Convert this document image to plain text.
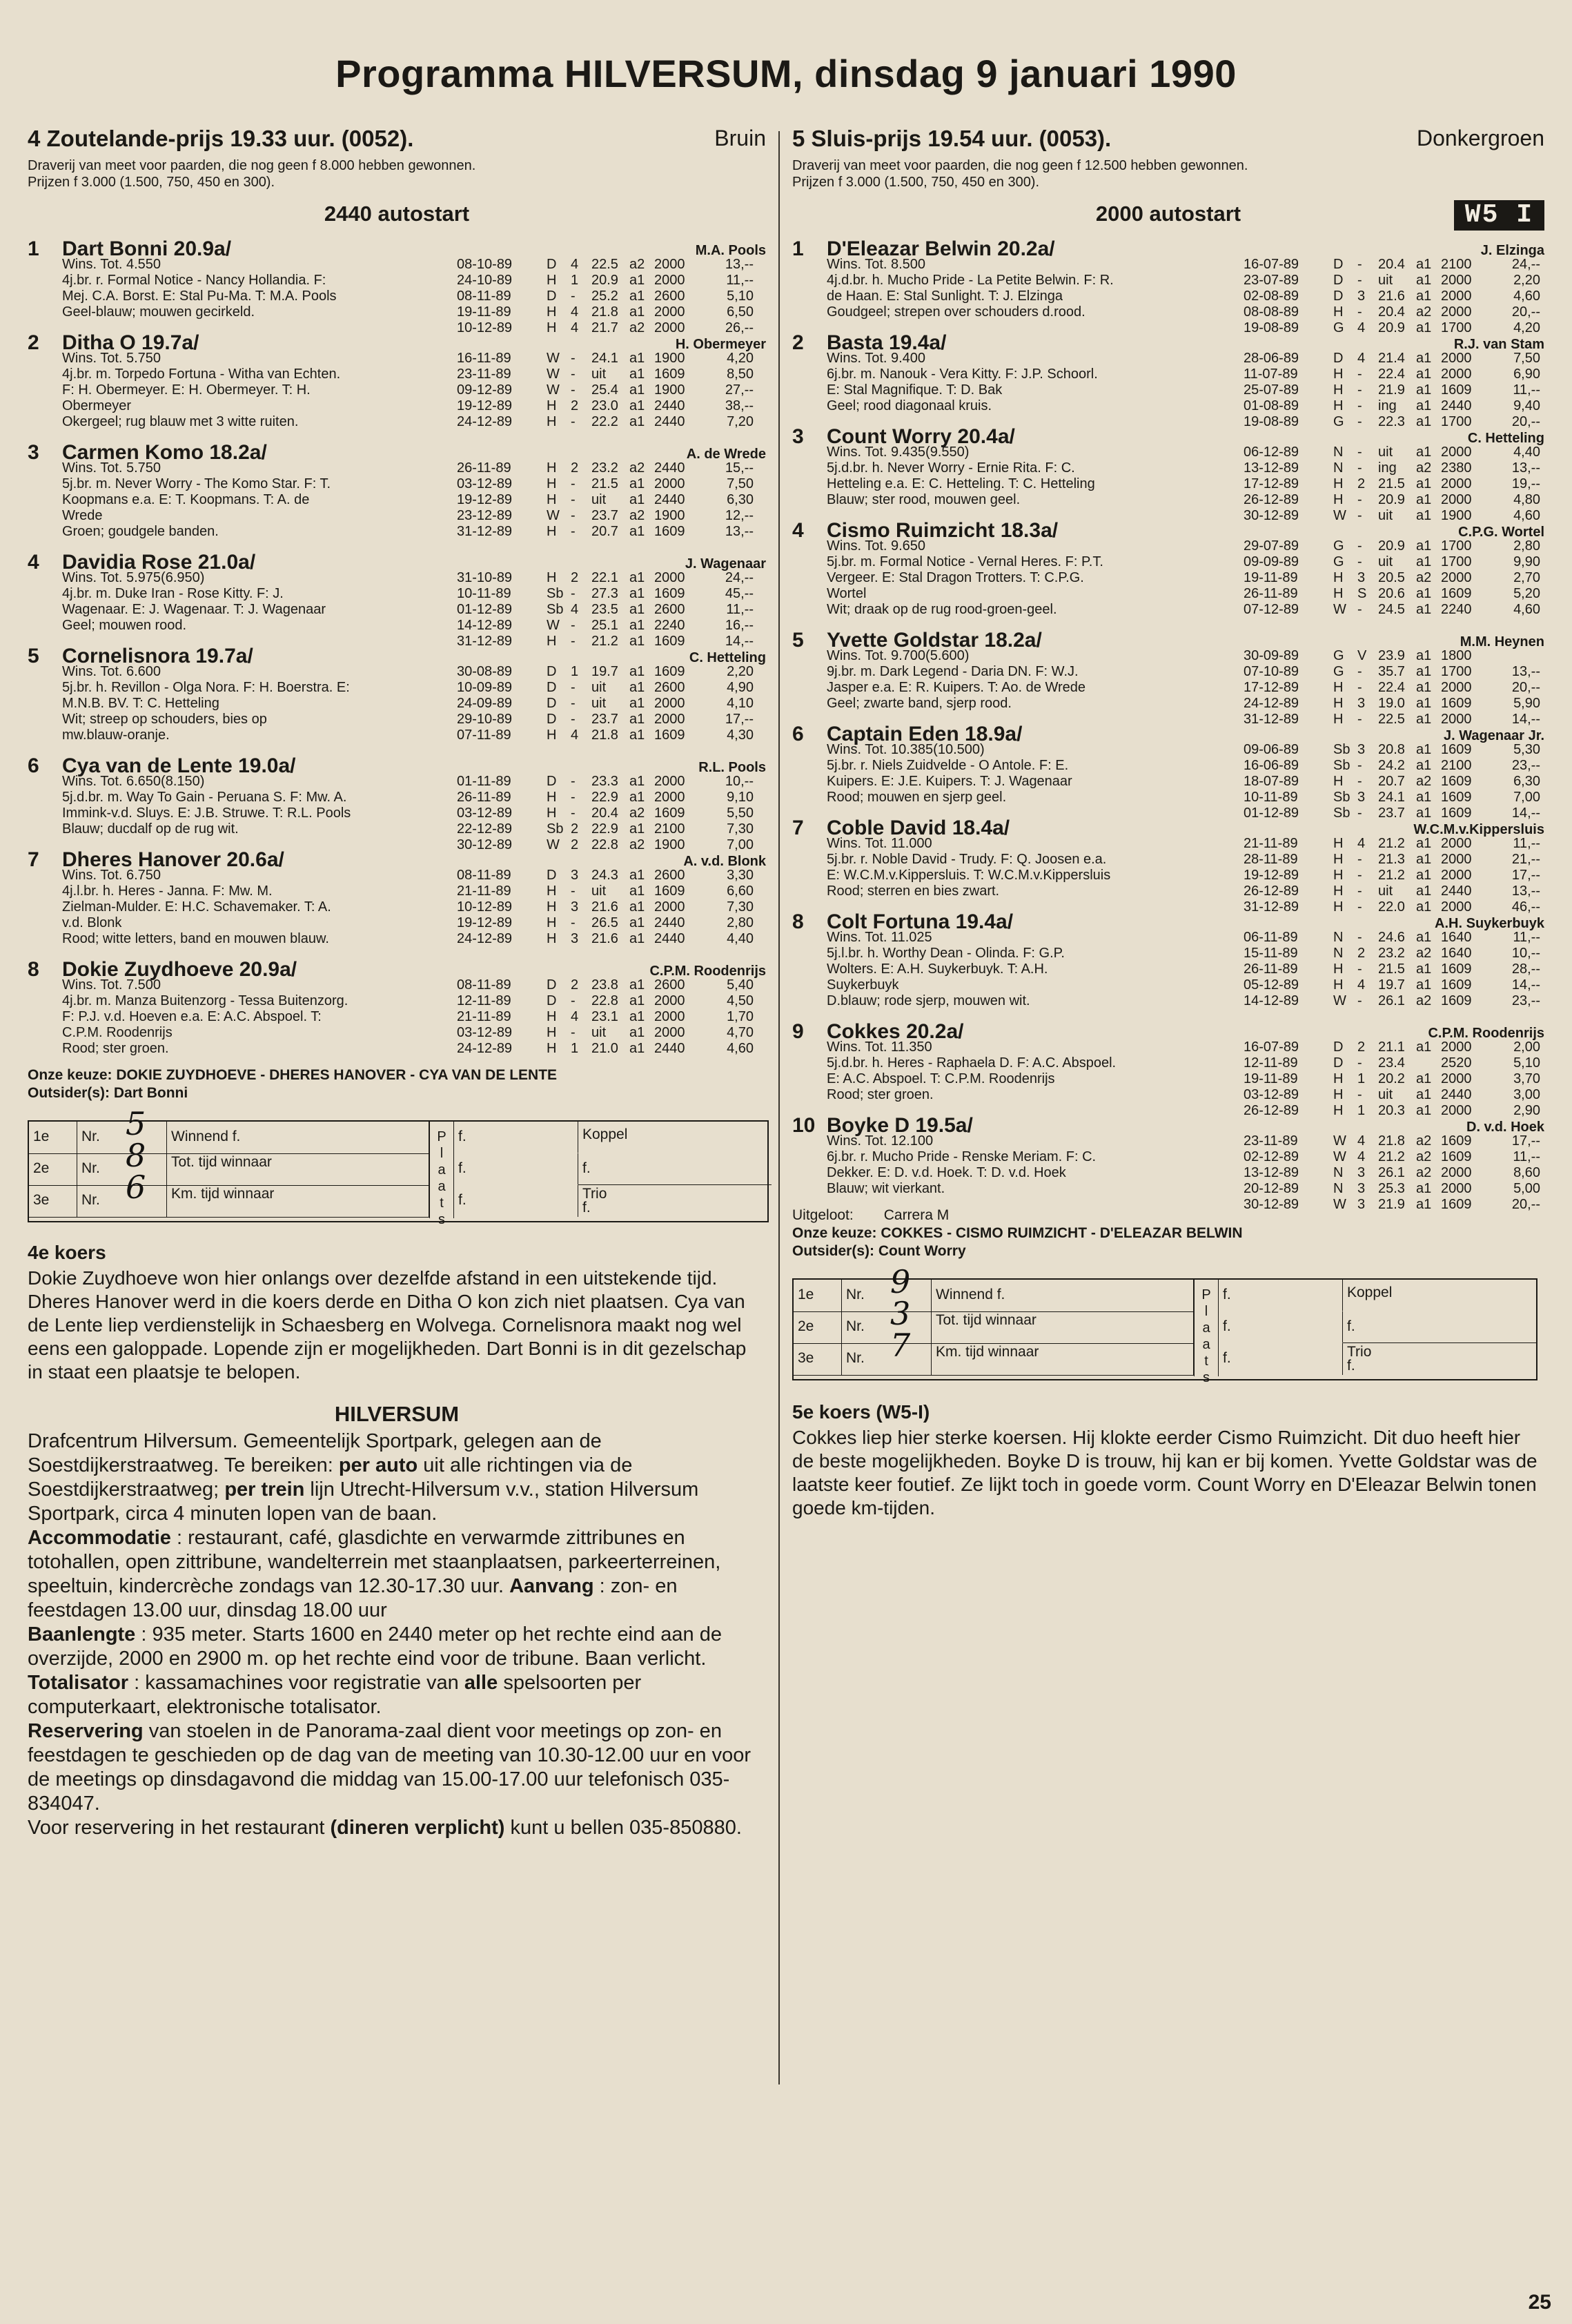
Programma HILVERSUM, dinsdag 9 januari 1990
4 Zoutelande-prijs 19.33 uur. (0052).	Bruin
Draverij van meet voor paarden, die nog geen f 8.000 hebben gewonnen.
Prijzen f 3.000 (1.500, 750, 450 en 300).
2440 autostart
1	Dart Bonni 20.9a/	M.A. Pools
Wins. Tot. 4.550
4j.br. r. Formal Notice - Nancy Hollandia. F:
Mej. C.A. Borst. E: Stal Pu-Ma. T: M.A. Pools
Geel-blauw; mouwen gecirkeld.
08-10-89 D 4 22.5 a2 2000	13,--
24-10-89 H 1 20.9 a1 2000	11,--
08-11-89	D - 25.2 a1 2600	5,10
19-11-89	H 4 21.8 a1 2000	6,50
10-12-89 H 4 21.7 a2 2000	26,--
2	Ditha O 19.7a/	H. Obermeyer
Wins. Tot. 5.750
4j.br. m. Torpedo Fortuna - Witha van Echten.
F: H. Obermeyer. E: H. Obermeyer. T: H.
Obermeyer
Okergeel; rug blauw met 3 witte ruiten.
16-11-89	W - 24.1 a1 1900	4,20
23-11-89	W - uit a1 1609	8,50
09-12-89 W - 25.4 a1 1900	27,--
19-12-89 H 2 23.0 a1 2440	38,--
24-12-89 H - 22.2 a1 2440	7,20
3	Carmen Komo 18.2a/	A. de Wrede
Wins. Tot. 5.750
5j.br. m. Never Worry - The Komo Star. F: T.
Koopmans e.a. E: T. Koopmans. T: A. de
Wrede
Groen; goudgele banden.
26-11-89	H 2 23.2 a2 2440	15,--
03-12-89 H - 21.5 a1 2000	7,50
19-12-89 H - uit a1 2440	6,30
23-12-89 W - 23.7 a2 1900	12,--
31-12-89 H - 20.7 a1 1609	13,--
4	Davidia Rose 21.0a/	J. Wagenaar
Wins. Tot. 5.975(6.950)
4j.br. m. Duke Iran - Rose Kitty. F: J.
Wagenaar. E: J. Wagenaar. T: J. Wagenaar
Geel; mouwen rood.
31-10-89 H 2 22.1 a1 2000	24,--
10-11-89	Sb - 27.3 a1 1609	45,--
01-12-89 Sb 4 23.5 a1 2600	11,--
14-12-89 W - 25.1 a1 2240	16,--
31-12-89 H - 21.2 a1 1609	14,--
5	Cornelisnora 19.7a/	C. Hetteling
Wins. Tot. 6.600
5j.br. h. Revillon - Olga Nora. F: H. Boerstra. E:
M.N.B. BV. T: C. Hetteling
Wit; streep op schouders, bies op
mw.blauw-oranje.
30-08-89 D 1 19.7 a1 1609	2,20
10-09-89 D - uit a1 2600	4,90
24-09-89 D - uit a1 2000	4,10
29-10-89 D - 23.7 a1 2000	17,--
07-11-89	H 4 21.8 a1 1609	4,30
6	Cya van de Lente 19.0a/	R.L. Pools
Wins. Tot. 6.650(8.150)
5j.d.br. m. Way To Gain - Peruana S. F: Mw. A.
Immink-v.d. Sluys. E: J.B. Struwe. T: R.L. Pools
Blauw; ducdalf op de rug wit.
01-11-89	D - 23.3 a1 2000	10,--
26-11-89	H - 22.9 a1 2000	9,10
03-12-89 H - 20.4 a2 1609	5,50
22-12-89 Sb 2 22.9 a1 2100	7,30
30-12-89 W 2 22.8 a2 1900	7,00
7	Dheres Hanover 20.6a/	A. v.d. Blonk
Wins. Tot. 6.750
4j.l.br. h. Heres - Janna. F: Mw. M.
Zielman-Mulder. E: H.C. Schavemaker. T: A.
v.d. Blonk
Rood; witte letters, band en mouwen blauw.
08-11-89	D 3 24.3 a1 2600	3,30
21-11-89	H - uit a1 1609	6,60
10-12-89 H 3 21.6 a1 2000	7,30
19-12-89 H - 26.5 a1 2440	2,80
24-12-89 H 3 21.6 a1 2440	4,40
8	Dokie Zuydhoeve 20.9a/	C.P.M. Roodenrijs
Wins. Tot. 7.500
4j.br. m. Manza Buitenzorg - Tessa Buitenzorg.
F: P.J. v.d. Hoeven e.a. E: A.C. Abspoel. T:
C.P.M. Roodenrijs
Rood; ster groen.
08-11-89	D 2 23.8 a1 2600	5,40
12-11-89	D - 22.8 a1 2000	4,50
21-11-89	H 4 23.1 a1 2000	1,70
03-12-89 H - uit a1 2000	4,70
24-12-89 H 1 21.0 a1 2440	4,60
Onze keuze: DOKIE ZUYDHOEVE - DHERES HANOVER - CYA VAN DE LENTE
Outsider(s): Dart Bonni
1e	Nr. 5 Winnend f.
2e	Nr. 8 Tot. tijd winnaar
3e	Nr. 6 Km. tijd winnaar
P l a a t s
f.
f.
f.
Koppel
f.
Trio
f.
4e koers

Dokie Zuydhoeve won hier onlangs over dezelfde afstand in een uitstekende tijd. Dheres Hanover werd in die koers derde en Ditha O kon zich niet plaatsen. Cya van de Lente liep verdienstelijk in Schaesberg en Wolvega. Cornelisnora maakt nog wel eens een galoppade. Lopende zijn er mogelijkheden. Dart Bonni is in dit gezelschap in staat een plaatsje te belopen.

HILVERSUM

Drafcentrum Hilversum. Gemeentelijk Sportpark, gelegen aan de Soestdijkerstraatweg. Te bereiken: per auto uit alle richtingen via de Soestdijkerstraatweg; per trein lijn Utrecht-Hilversum v.v., station Hilversum Sportpark, circa 4 minuten lopen van de baan.

Accommodatie : restaurant, café, glasdichte en verwarmde zittribunes en totohallen, open zittribune, wandelterrein met staanplaatsen, parkeerterreinen, speeltuin, kindercrèche zondags van 12.30-17.30 uur. Aanvang : zon- en feestdagen 13.00 uur, dinsdag 18.00 uur

Baanlengte : 935 meter. Starts 1600 en 2440 meter op het rechte eind aan de overzijde, 2000 en 2900 m. op het rechte eind voor de tribune. Baan verlicht.

Totalisator : kassamachines voor registratie van alle spelsoorten per computerkaart, elektronische totalisator.

Reservering van stoelen in de Panorama-zaal dient voor meetings op zon- en feestdagen te geschieden op de dag van de meeting van 10.30-12.00 uur en voor de meetings op dinsdagavond die middag van 15.00-17.00 uur telefonisch 035-834047.

Voor reservering in het restaurant (dineren verplicht) kunt u bellen 035-850880.

5 Sluis-prijs 19.54 uur. (0053).	Donkergroen
Draverij van meet voor paarden, die nog geen f 12.500 hebben gewonnen.
Prijzen f 3.000 (1.500, 750, 450 en 300).
2000 autostart	W5 I
1	D'Eleazar Belwin 20.2a/	J. Elzinga
Wins. Tot. 8.500
4j.d.br. h. Mucho Pride - La Petite Belwin. F: R.
de Haan. E: Stal Sunlight. T: J. Elzinga
Goudgeel; strepen over schouders d.rood.
16-07-89 D - 20.4 a1 2100	24,--
23-07-89 D - uit a1 2000	2,20
02-08-89 D 3 21.6 a1 2000	4,60
08-08-89 H - 20.4 a2 2000	20,--
19-08-89 G 4 20.9 a1 1700	4,20
2	Basta 19.4a/	R.J. van Stam
Wins. Tot. 9.400
6j.br. m. Nanouk - Vera Kitty. F: J.P. Schoorl.
E: Stal Magnifique. T: D. Bak
Geel; rood diagonaal kruis.
28-06-89 D 4 21.4 a1 2000	7,50
11-07-89	H - 22.4 a1 2000	6,90
25-07-89 H - 21.9 a1 1609	11,--
01-08-89 H - ing a1 2440	9,40
19-08-89 G - 22.3 a1 1700	20,--
3	Count Worry 20.4a/	C. Hetteling
Wins. Tot. 9.435(9.550)
5j.d.br. h. Never Worry - Ernie Rita. F: C.
Hetteling e.a. E: C. Hetteling. T: C. Hetteling
Blauw; ster rood, mouwen geel.
06-12-89 N - uit a1 2000	4,40
13-12-89 N - ing a2 2380	13,--
17-12-89 H 2 21.5 a1 2000	19,--
26-12-89 H - 20.9 a1 2000	4,80
30-12-89 W - uit a1 1900	4,60
4	Cismo Ruimzicht 18.3a/	C.P.G. Wortel
Wins. Tot. 9.650
5j.br. m. Formal Notice - Vernal Heres. F: P.T.
Vergeer. E: Stal Dragon Trotters. T: C.P.G.
Wortel
Wit; draak op de rug rood-groen-geel.
29-07-89 G - 20.9 a1 1700	2,80
09-09-89 G - uit a1 1700	9,90
19-11-89	H 3 20.5 a2 2000	2,70
26-11-89	H S 20.6 a1 1609	5,20
07-12-89 W - 24.5 a1 2240	4,60
5	Yvette Goldstar 18.2a/	M.M. Heynen
Wins. Tot. 9.700(5.600)
9j.br. m. Dark Legend - Daria DN. F: W.J.
Jasper e.a. E: R. Kuipers. T: Ao. de Wrede
Geel; zwarte band, sjerp rood.
30-09-89 G V 23.9 a1 1800
07-10-89 G - 35.7 a1 1700	13,--
17-12-89 H - 22.4 a1 2000	20,--
24-12-89 H 3 19.0 a1 1609	5,90
31-12-89 H - 22.5 a1 2000	14,--
6	Captain Eden 18.9a/	J. Wagenaar Jr.
Wins. Tot. 10.385(10.500)
5j.br. r. Niels Zuidvelde - O Antole. F: E.
Kuipers. E: J.E. Kuipers. T: J. Wagenaar
Rood; mouwen en sjerp geel.
09-06-89 Sb 3 20.8 a1 1609	5,30
16-06-89 Sb - 24.2 a1 2100	23,--
18-07-89 H - 20.7 a2 1609	6,30
10-11-89	Sb 3 24.1 a1 1609	7,00
01-12-89 Sb - 23.7 a1 1609	14,--
7	Coble David 18.4a/	W.C.M.v.Kippersluis
Wins. Tot. 11.000
5j.br. r. Noble David - Trudy. F: Q. Joosen e.a.
E: W.C.M.v.Kippersluis. T: W.C.M.v.Kippersluis
Rood; sterren en bies zwart.
21-11-89	H 4 21.2 a1 2000	11,--
28-11-89	H - 21.3 a1 2000	21,--
19-12-89 H - 21.2 a1 2000	17,--
26-12-89 H - uit a1 2440	13,--
31-12-89 H - 22.0 a1 2000	46,--
8	Colt Fortuna 19.4a/	A.H. Suykerbuyk
Wins. Tot. 11.025
5j.l.br. h. Worthy Dean - Olinda. F: G.P.
Wolters. E: A.H. Suykerbuyk. T: A.H.
Suykerbuyk
D.blauw; rode sjerp, mouwen wit.
06-11-89	N - 24.6 a1 1640	11,--
15-11-89	N 2 23.2 a2 1640	10,--
26-11-89	H - 21.5 a1 1609	28,--
05-12-89 H 4 19.7 a1 1609	14,--
14-12-89 W - 26.1 a2 1609	23,--
9	Cokkes 20.2a/	C.P.M. Roodenrijs
Wins. Tot. 11.350
5j.d.br. h. Heres - Raphaela D. F: A.C. Abspoel.
E: A.C. Abspoel. T: C.P.M. Roodenrijs
Rood; ster groen.
16-07-89 D 2 21.1 a1 2000	2,00
12-11-89	D - 23.4	2520	5,10
19-11-89	H 1 20.2 a1 2000	3,70
03-12-89 H - uit a1 2440	3,00
26-12-89 H 1 20.3 a1 2000	2,90
10 Boyke D 19.5a/	D. v.d. Hoek
Wins. Tot. 12.100
6j.br. r. Mucho Pride - Renske Meriam. F: C.
Dekker. E: D. v.d. Hoek. T: D. v.d. Hoek
Blauw; wit vierkant.
23-11-89	W 4 21.8 a2 1609	17,--
02-12-89 W 4 21.2 a2 1609	11,--
13-12-89 N 3 26.1 a2 2000	8,60
20-12-89 N 3 25.3 a1 2000	5,00
30-12-89 W 3 21.9 a1 1609	20,--
Uitgeloot: Carrera M
Onze keuze: COKKES - CISMO RUIMZICHT - D'ELEAZAR BELWIN
Outsider(s): Count Worry
1e	Nr. 9 Winnend f.
2e	Nr. 3 Tot. tijd winnaar
3e	Nr. 7 Km. tijd winnaar
P l a a t s
f.
f.
f.
Koppel
f.
Trio
f.
5e koers (W5-I)

Cokkes liep hier sterke koersen. Hij klokte eerder Cismo Ruimzicht. Dit duo heeft hier de beste mogelijkheden. Boyke D is trouw, hij kan er bij komen. Yvette Goldstar was de laatste keer foutief. Ze lijkt toch in goede vorm. Count Worry en D'Eleazar Belwin tonen goede km-tijden.

25
